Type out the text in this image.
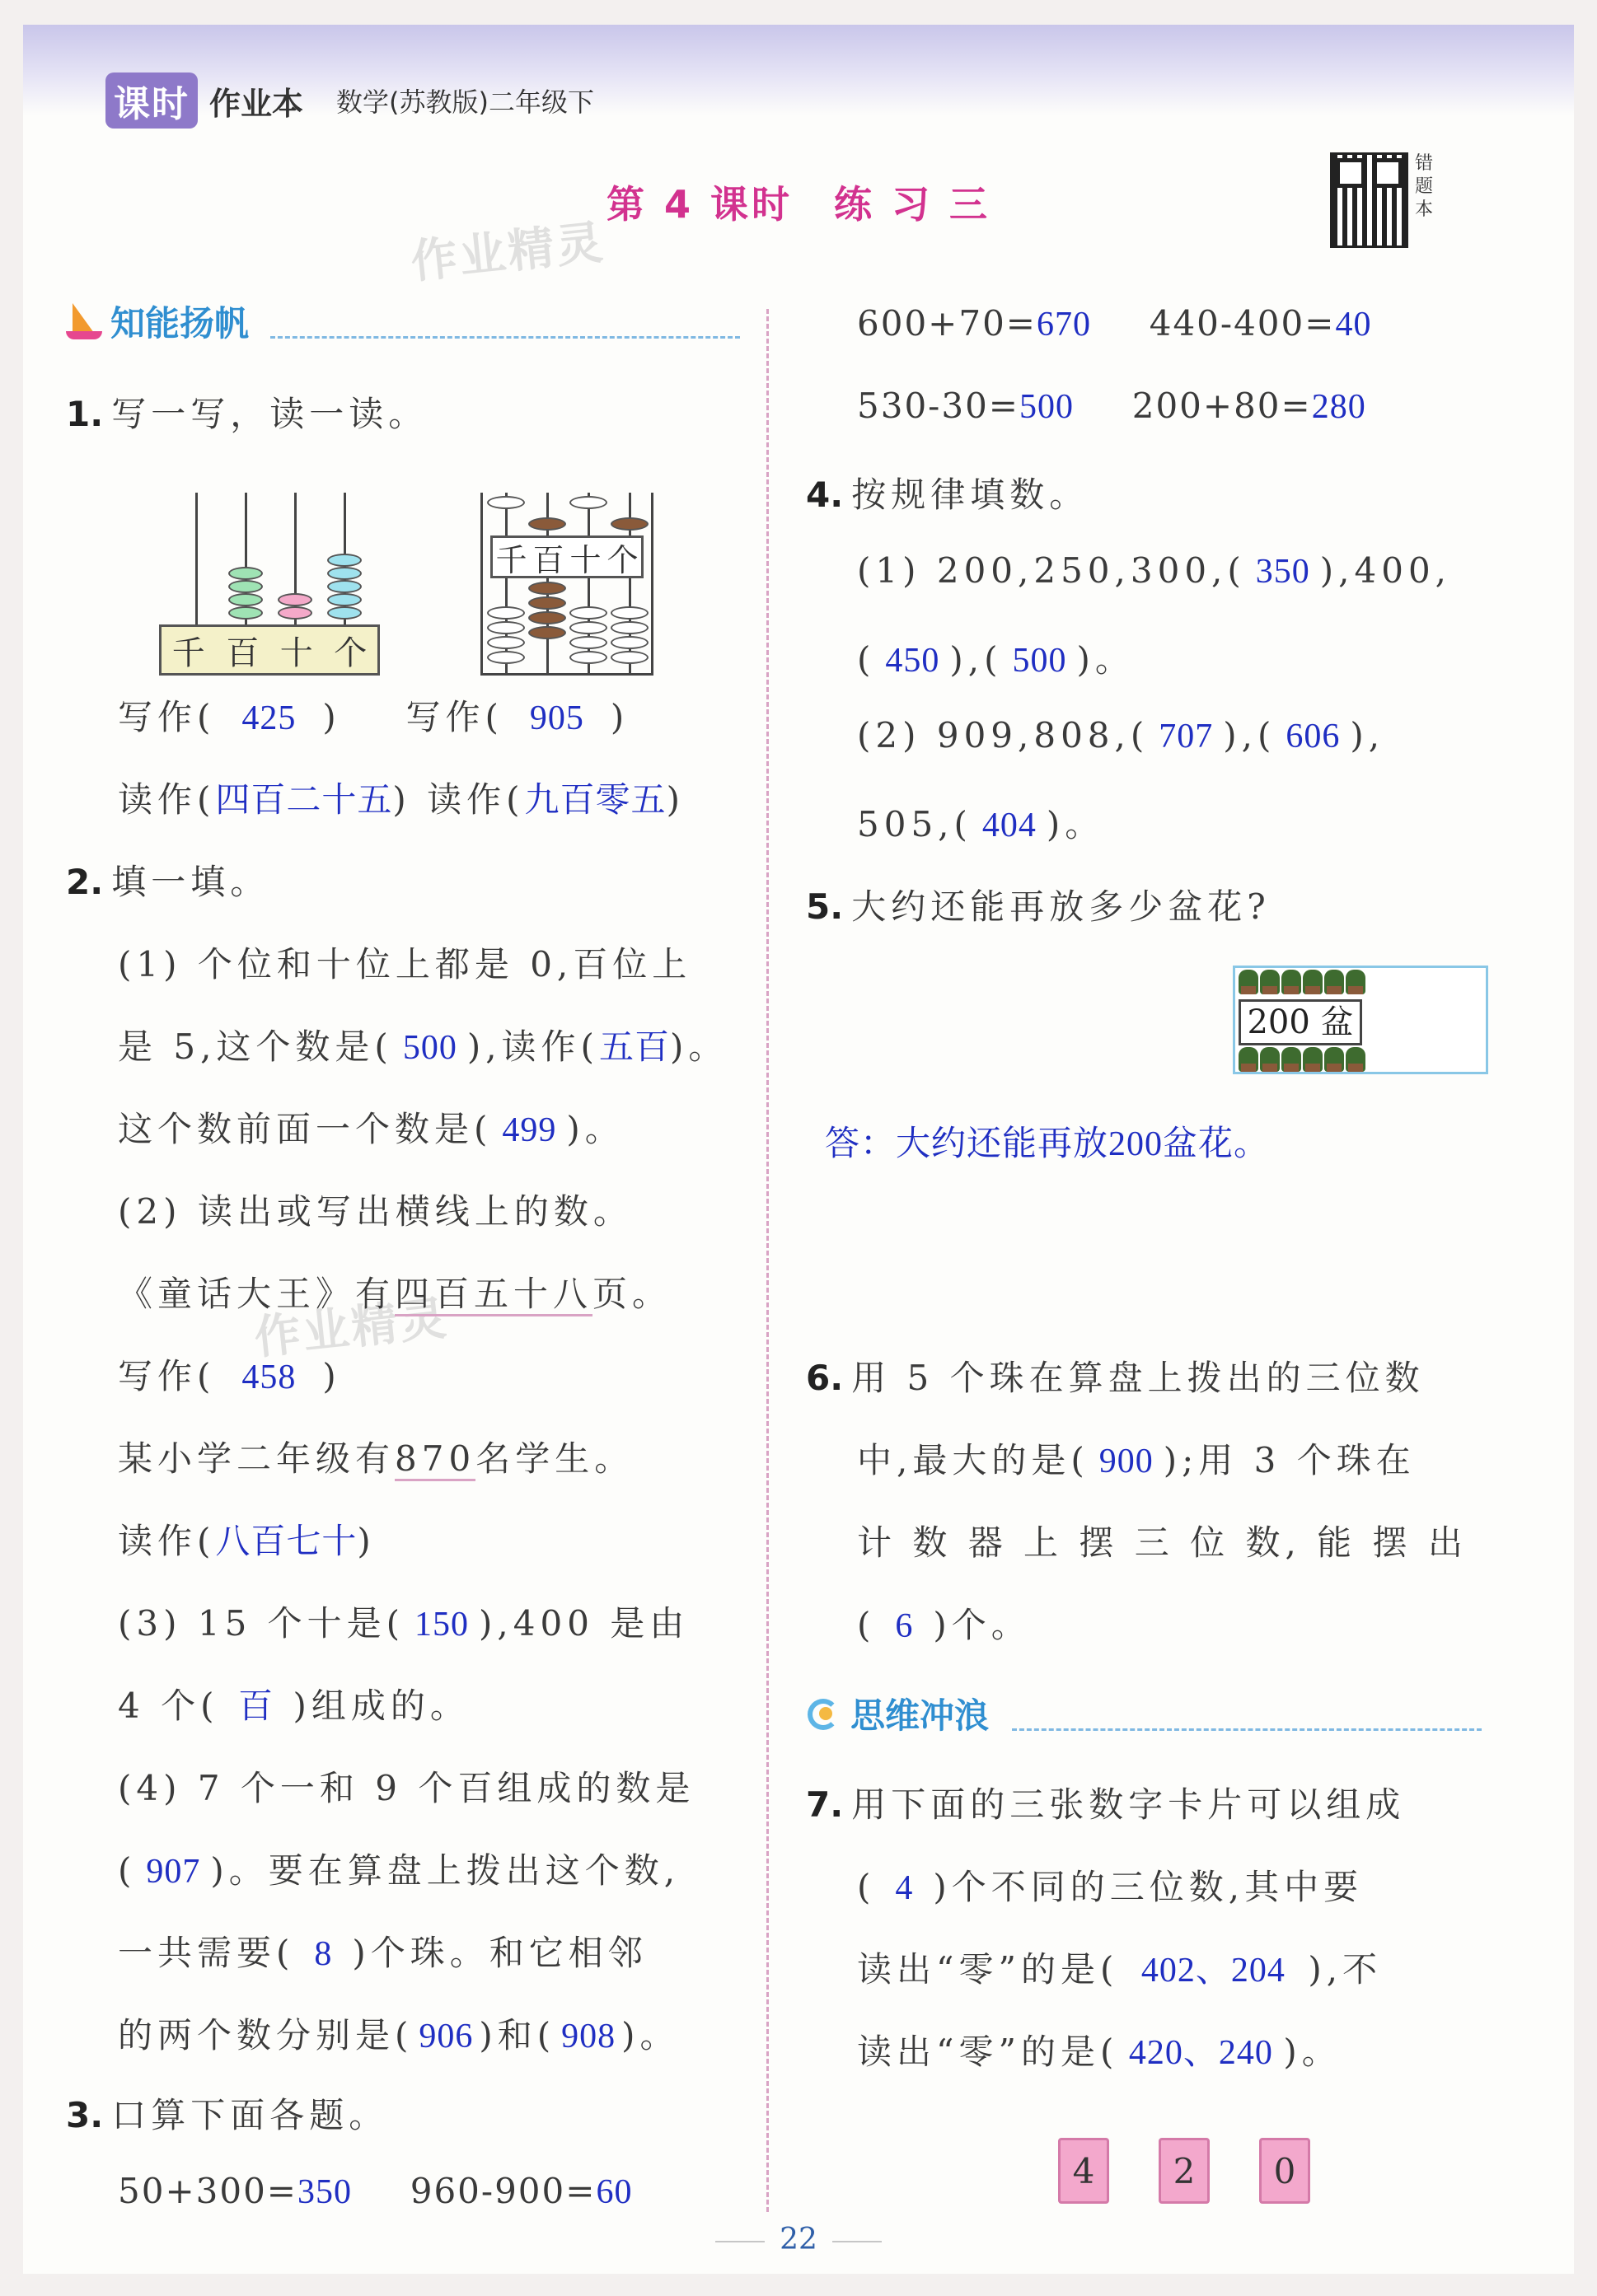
课时 作业本 数学(苏教版)二年级下
第 4 课时　练 习 三
错题本
作业精灵
作业精灵
知能扬帆
1. 写一写，读一读。
千 百 十 个
千 百 十 个
写作( 425 ) 写作( 905 )
读作(四百二十五) 读作(九百零五)
2. 填一填。
(1) 个位和十位上都是 0,百位上
是 5,这个数是( 500 ),读作(五百)。
这个数前面一个数是( 499 )。
(2) 读出或写出横线上的数。
《童话大王》有四百五十八页。
写作( 458 )
某小学二年级有870名学生。
读作(八百七十)
(3) 15 个十是( 150 ),400 是由
4 个( 百 )组成的。
(4) 7 个一和 9 个百组成的数是
( 907 )。要在算盘上拨出这个数,
一共需要( 8 )个珠。和它相邻
的两个数分别是( 906 )和( 908 )。
3. 口算下面各题。
50+300=350 960-900=60
600+70=670 440-400=40
530-30=500 200+80=280
4. 按规律填数。
(1) 200,250,300,( 350 ),400,
( 450 ),( 500 )。
(2) 909,808,( 707 ),( 606 ),
505,( 404 )。
5. 大约还能再放多少盆花?
200 盆
答：大约还能再放200盆花。
6. 用 5 个珠在算盘上拨出的三位数
中,最大的是( 900 );用 3 个珠在
计 数 器 上 摆 三 位 数, 能 摆 出
( 6 )个。
思维冲浪
7. 用下面的三张数字卡片可以组成
( 4 )个不同的三位数,其中要
读出“零”的是( 402、204 ),不
读出“零”的是( 420、240 )。
4	2	0
22
